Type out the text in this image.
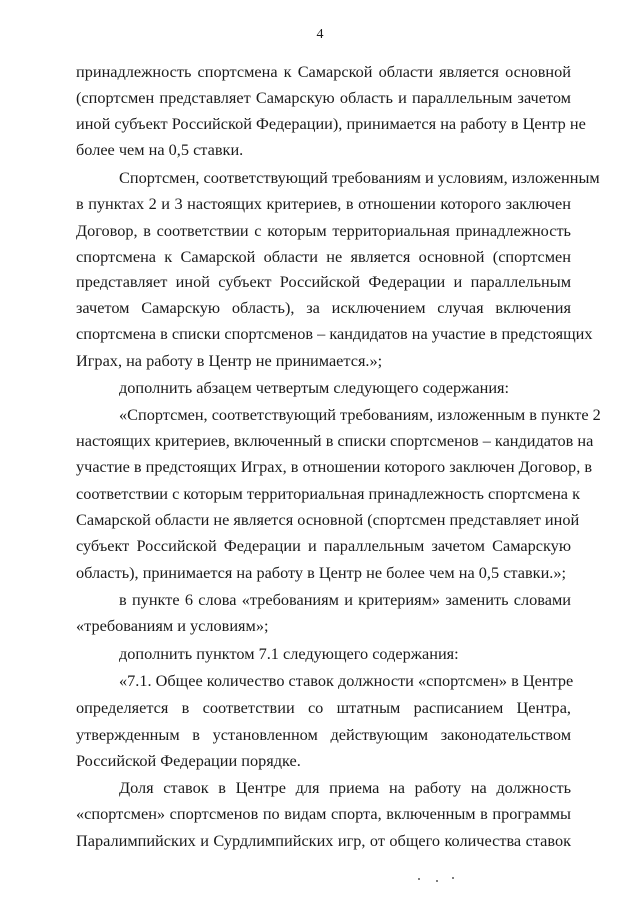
4
принадлежность спортсмена к Самарской области является основной
(спортсмен представляет Самарскую область и параллельным зачетом
иной субъект Российской Федерации), принимается на работу в Центр не
более чем на 0,5 ставки.
Спортсмен, соответствующий требованиям и условиям, изложенным
в пунктах 2 и 3 настоящих критериев, в отношении которого заключен
Договор, в соответствии с которым территориальная принадлежность
спортсмена к Самарской области не является основной (спортсмен
представляет иной субъект Российской Федерации и параллельным
зачетом Самарскую область), за исключением случая включения
спортсмена в списки спортсменов – кандидатов на участие в предстоящих
Играх, на работу в Центр не принимается.»;
дополнить абзацем четвертым следующего содержания:
«Спортсмен, соответствующий требованиям, изложенным в пункте 2
настоящих критериев, включенный в списки спортсменов – кандидатов на
участие в предстоящих Играх, в отношении которого заключен Договор, в
соответствии с которым территориальная принадлежность спортсмена к
Самарской области не является основной (спортсмен представляет иной
субъект Российской Федерации и параллельным зачетом Самарскую
область), принимается на работу в Центр не более чем на 0,5 ставки.»;
в пункте 6 слова «требованиям и критериям» заменить словами
«требованиям и условиям»;
дополнить пунктом 7.1 следующего содержания:
«7.1. Общее количество ставок должности «спортсмен» в Центре
определяется в соответствии со штатным расписанием Центра,
утвержденным в установленном действующим законодательством
Российской Федерации порядке.
Доля ставок в Центре для приема на работу на должность
«спортсмен» спортсменов по видам спорта, включенным в программы
Паралимпийских и Сурдлимпийских игр, от общего количества ставок
